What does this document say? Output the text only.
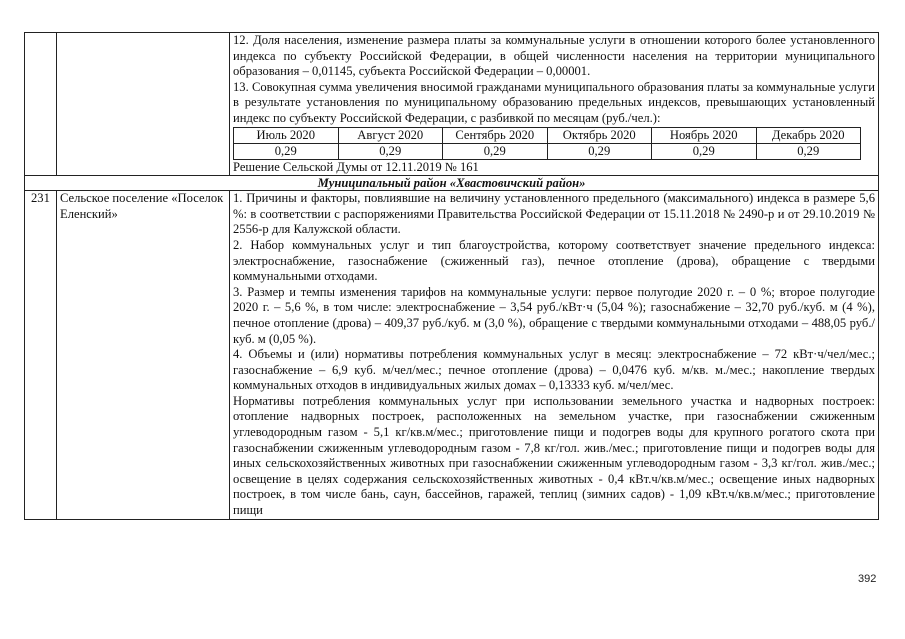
12. Доля населения, изменение размера платы за коммунальные услуги в отношении которого более установленного индекса по субъекту Российской Федерации, в общей численности населения на территории муниципального образования – 0,01145, субъекта Российской Федерации – 0,00001.

13. Совокупная сумма увеличения вносимой гражданами муниципального образования платы за коммунальные услуги в результате установления по муниципальному образованию предельных индексов, превышающих установленный индекс по субъекту Российской Федерации, с разбивкой по месяцам (руб./чел.):

Июль 2020	Август 2020	Сентябрь 2020	Октябрь 2020	Ноябрь 2020	Декабрь 2020
0,29	0,29	0,29	0,29	0,29	0,29

Решение Сельской Думы от 12.11.2019 № 161

Муниципальный район «Хвастовичский район»
231	Сельское поселение «Поселок Еленский»	

1. Причины и факторы, повлиявшие на величину установленного предельного (максимального) индекса в размере 5,6 %: в соответствии с распоряжениями Правительства Российской Федерации от 15.11.2018 № 2490-р и от 29.10.2019 № 2556-р для Калужской области.

2. Набор коммунальных услуг и тип благоустройства, которому соответствует значение предельного индекса: электроснабжение, газоснабжение (сжиженный газ), печное отопление (дрова), обращение с твердыми коммунальными отходами.

3. Размер и темпы изменения тарифов на коммунальные услуги: первое полугодие 2020 г. – 0 %; второе полугодие 2020 г. – 5,6 %, в том числе: электроснабжение – 3,54 руб./кВт·ч (5,04 %); газоснабжение – 32,70 руб./куб. м (4 %), печное отопление (дрова) – 409,37 руб./куб. м (3,0 %), обращение с твердыми коммунальными отходами – 488,05 руб./куб. м (0,05 %).

4. Объемы и (или) нормативы потребления коммунальных услуг в месяц: электроснабжение – 72 кВт·ч/чел/мес.; газоснабжение – 6,9 куб. м/чел/мес.; печное отопление (дрова) – 0,0476 куб. м/кв. м./мес.; накопление твердых коммунальных отходов в индивидуальных жилых домах – 0,13333 куб. м/чел/мес.

Нормативы потребления коммунальных услуг при использовании земельного участка и надворных построек: отопление надворных построек, расположенных на земельном участке, при газоснабжении сжиженным углеводородным газом - 5,1 кг/кв.м/мес.; приготовление пищи и подогрев воды для крупного рогатого скота при газоснабжении сжиженным углеводородным газом - 7,8 кг/гол. жив./мес.; приготовление пищи и подогрев воды для иных сельскохозяйственных животных при газоснабжении сжиженным углеводородным газом - 3,3 кг/гол. жив./мес.; освещение в целях содержания сельскохозяйственных животных - 0,4 кВт.ч/кв.м/мес.; освещение иных надворных построек, в том числе бань, саун, бассейнов, гаражей, теплиц (зимних садов) - 1,09 кВт.ч/кв.м/мес.; приготовление пищи

392
